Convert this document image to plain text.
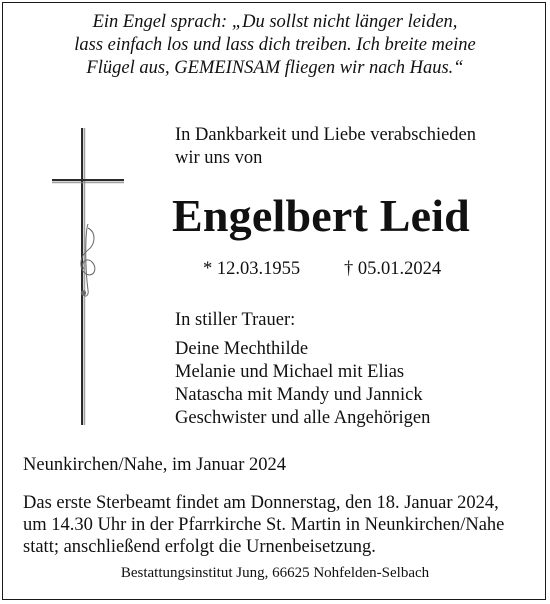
Ein Engel sprach: „Du sollst nicht länger leiden,
lass einfach los und lass dich treiben. Ich breite meine
Flügel aus, GEMEINSAM fliegen wir nach Haus.“
In Dankbarkeit und Liebe verabschieden
wir uns von
Engelbert Leid
* 12.03.1955 † 05.01.2024
In stiller Trauer:
Deine Mechthilde
Melanie und Michael mit Elias
Natascha mit Mandy und Jannick
Geschwister und alle Angehörigen
Neunkirchen/Nahe, im Januar 2024
Das erste Sterbeamt findet am Donnerstag, den 18. Januar 2024,
um 14.30 Uhr in der Pfarrkirche St. Martin in Neunkirchen/Nahe
statt; anschließend erfolgt die Urnenbeisetzung.
Bestattungsinstitut Jung, 66625 Nohfelden-Selbach
